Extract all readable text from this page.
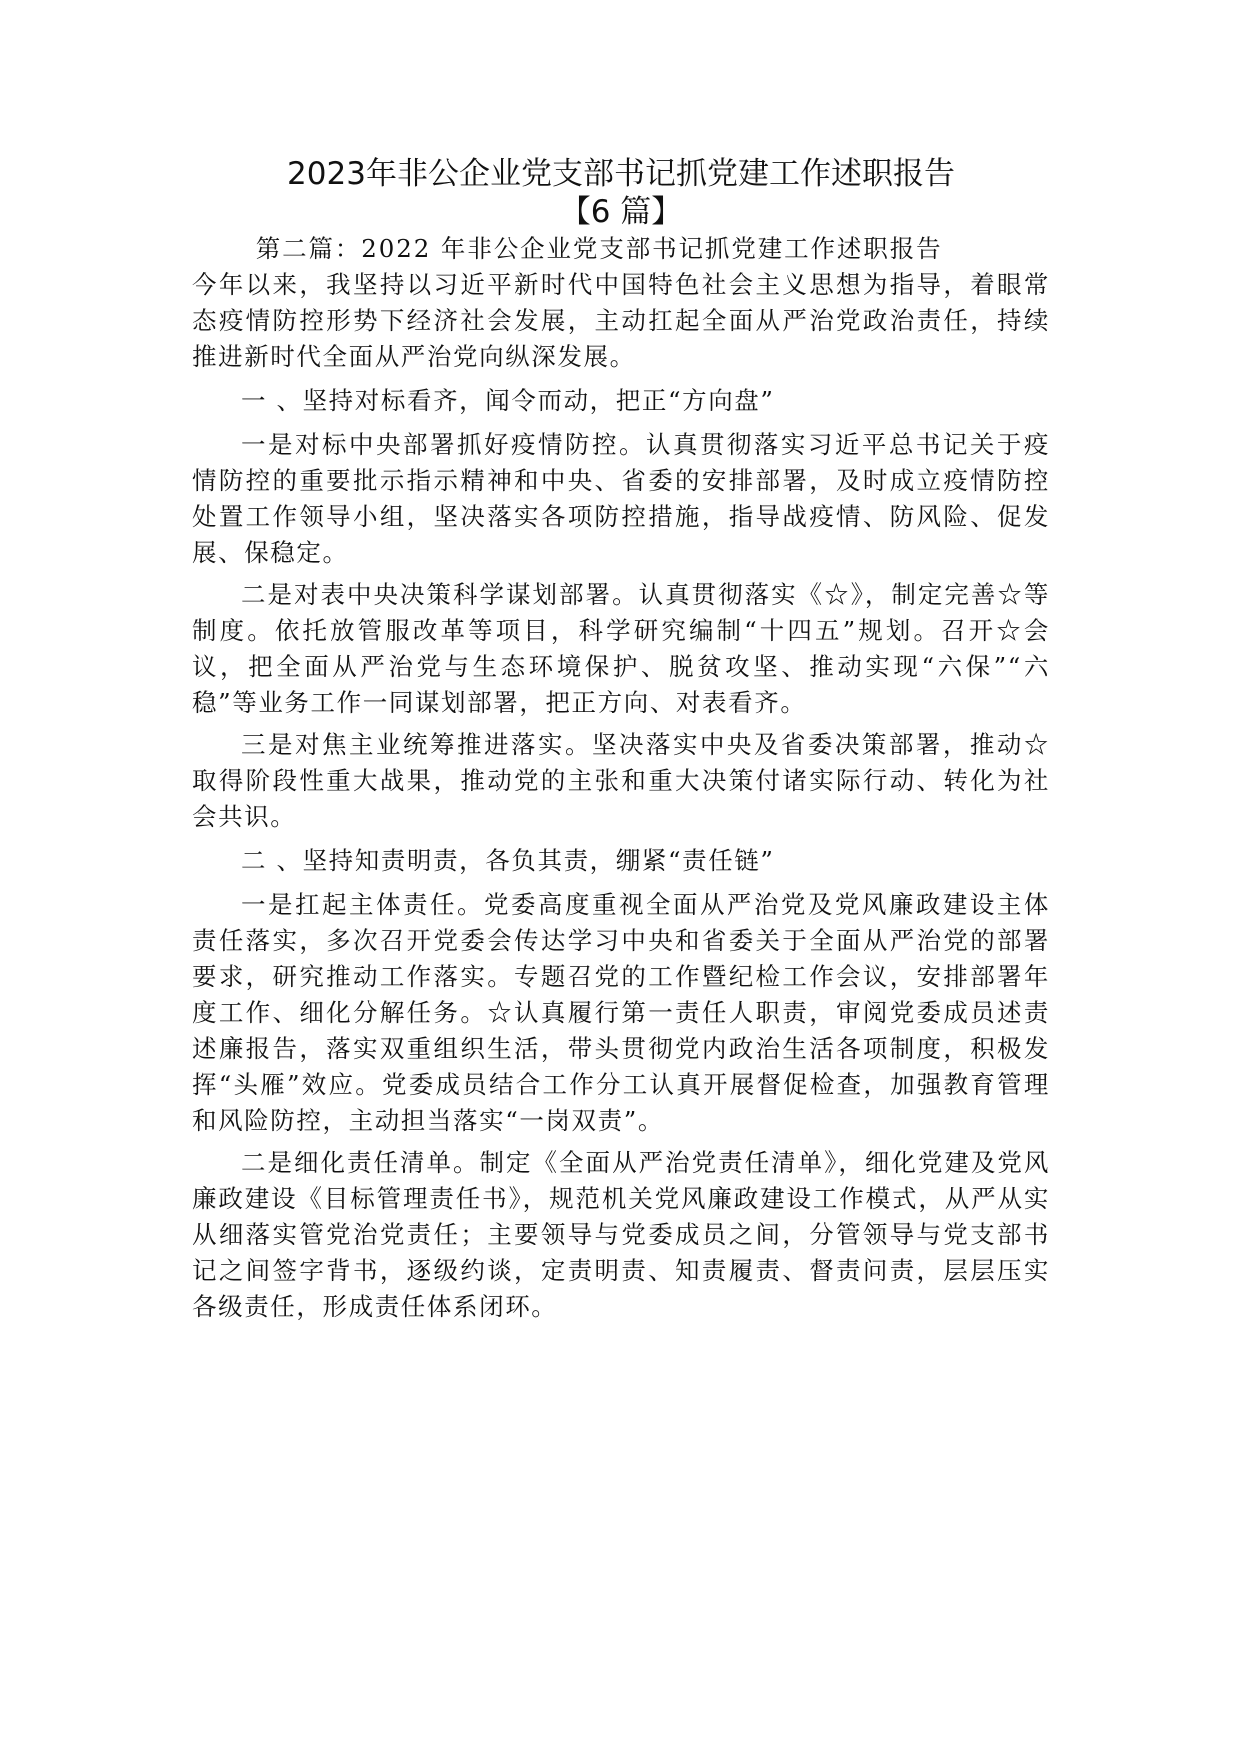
2023年非公企业党支部书记抓党建工作述职报告
【6 篇】

第二篇：2022 年非公企业党支部书记抓党建工作述职报告

今年以来，我坚持以习近平新时代中国特色社会主义思想为指导，着眼常态疫情防控形势下经济社会发展，主动扛起全面从严治党政治责任，持续推进新时代全面从严治党向纵深发展。

一 、坚持对标看齐，闻令而动，把正“方向盘”

一是对标中央部署抓好疫情防控。认真贯彻落实习近平总书记关于疫情防控的重要批示指示精神和中央、省委的安排部署，及时成立疫情防控处置工作领导小组，坚决落实各项防控措施，指导战疫情、防风险、促发展、保稳定。

二是对表中央决策科学谋划部署。认真贯彻落实《☆》，制定完善☆等制度。依托放管服改革等项目，科学研究编制“十四五”规划。召开☆会议，把全面从严治党与生态环境保护、脱贫攻坚、推动实现“六保”“六稳”等业务工作一同谋划部署，把正方向、对表看齐。

三是对焦主业统筹推进落实。坚决落实中央及省委决策部署，推动☆取得阶段性重大战果，推动党的主张和重大决策付诸实际行动、转化为社会共识。

二 、坚持知责明责，各负其责，绷紧“责任链”

一是扛起主体责任。党委高度重视全面从严治党及党风廉政建设主体责任落实，多次召开党委会传达学习中央和省委关于全面从严治党的部署要求，研究推动工作落实。专题召党的工作暨纪检工作会议，安排部署年度工作、细化分解任务。☆认真履行第一责任人职责，审阅党委成员述责述廉报告，落实双重组织生活，带头贯彻党内政治生活各项制度，积极发挥“头雁”效应。党委成员结合工作分工认真开展督促检查，加强教育管理和风险防控，主动担当落实“一岗双责”。

二是细化责任清单。制定《全面从严治党责任清单》，细化党建及党风廉政建设《目标管理责任书》，规范机关党风廉政建设工作模式，从严从实从细落实管党治党责任；主要领导与党委成员之间，分管领导与党支部书记之间签字背书，逐级约谈，定责明责、知责履责、督责问责，层层压实各级责任，形成责任体系闭环。
